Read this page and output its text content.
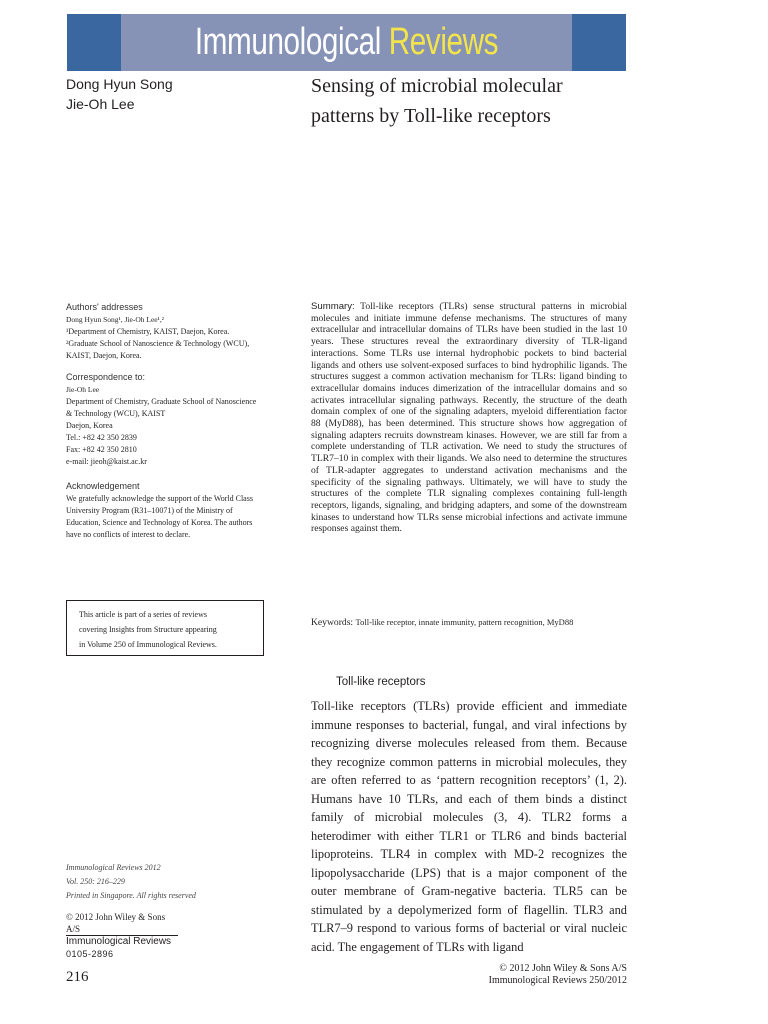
Immunological Reviews
Dong Hyun Song
Jie-Oh Lee
Sensing of microbial molecular
patterns by Toll-like receptors

Authors' addresses

Dong Hyun Song¹, Jie-Oh Lee¹,²

¹Department of Chemistry, KAIST, Daejon, Korea.

²Graduate School of Nanoscience & Technology (WCU),

KAIST, Daejon, Korea.

Correspondence to:

Jie-Oh Lee

Department of Chemistry, Graduate School of Nanoscience

& Technology (WCU), KAIST

Daejon, Korea

Tel.: +82 42 350 2839

Fax: +82 42 350 2810

e-mail: jieoh@kaist.ac.kr

Acknowledgement

We gratefully acknowledge the support of the World Class

University Program (R31–10071) of the Ministry of

Education, Science and Technology of Korea. The authors

have no conflicts of interest to declare.

This article is part of a series of reviews
covering Insights from Structure appearing
in Volume 250 of Immunological Reviews.
Immunological Reviews 2012
Vol. 250: 216–229
Printed in Singapore. All rights reserved
© 2012 John Wiley & Sons A/S
Immunological Reviews
0105-2896
216
© 2012 John Wiley & Sons A/S
Immunological Reviews 250/2012
Summary: Toll-like receptors (TLRs) sense structural patterns in microbial molecules and initiate immune defense mechanisms. The structures of many extracellular and intracellular domains of TLRs have been studied in the last 10 years. These structures reveal the extraordinary diversity of TLR-ligand interactions. Some TLRs use internal hydrophobic pockets to bind bacterial ligands and others use solvent-exposed surfaces to bind hydrophilic ligands. The structures suggest a common activation mechanism for TLRs: ligand binding to extracellular domains induces dimerization of the intracellular domains and so activates intracellular signaling pathways. Recently, the structure of the death domain complex of one of the signaling adapters, myeloid differentiation factor 88 (MyD88), has been determined. This structure shows how aggregation of signaling adapters recruits downstream kinases. However, we are still far from a complete understanding of TLR activation. We need to study the structures of TLR7–10 in complex with their ligands. We also need to determine the structures of TLR-adapter aggregates to understand activation mechanisms and the specificity of the signaling pathways. Ultimately, we will have to study the structures of the complete TLR signaling complexes containing full-length receptors, ligands, signaling, and bridging adapters, and some of the downstream kinases to understand how TLRs sense microbial infections and activate immune responses against them.
Keywords: Toll-like receptor, innate immunity, pattern recognition, MyD88
Toll-like receptors
Toll-like receptors (TLRs) provide efficient and immediate immune responses to bacterial, fungal, and viral infections by recognizing diverse molecules released from them. Because they recognize common patterns in microbial molecules, they are often referred to as ‘pattern recognition receptors’ (1, 2). Humans have 10 TLRs, and each of them binds a distinct family of microbial molecules (3, 4). TLR2 forms a heterodimer with either TLR1 or TLR6 and binds bacterial lipoproteins. TLR4 in complex with MD-2 recognizes the lipopolysaccharide (LPS) that is a major component of the outer membrane of Gram-negative bacteria. TLR5 can be stimulated by a depolymerized form of flagellin. TLR3 and TLR7–9 respond to various forms of bacterial or viral nucleic acid. The engagement of TLRs with ligand
